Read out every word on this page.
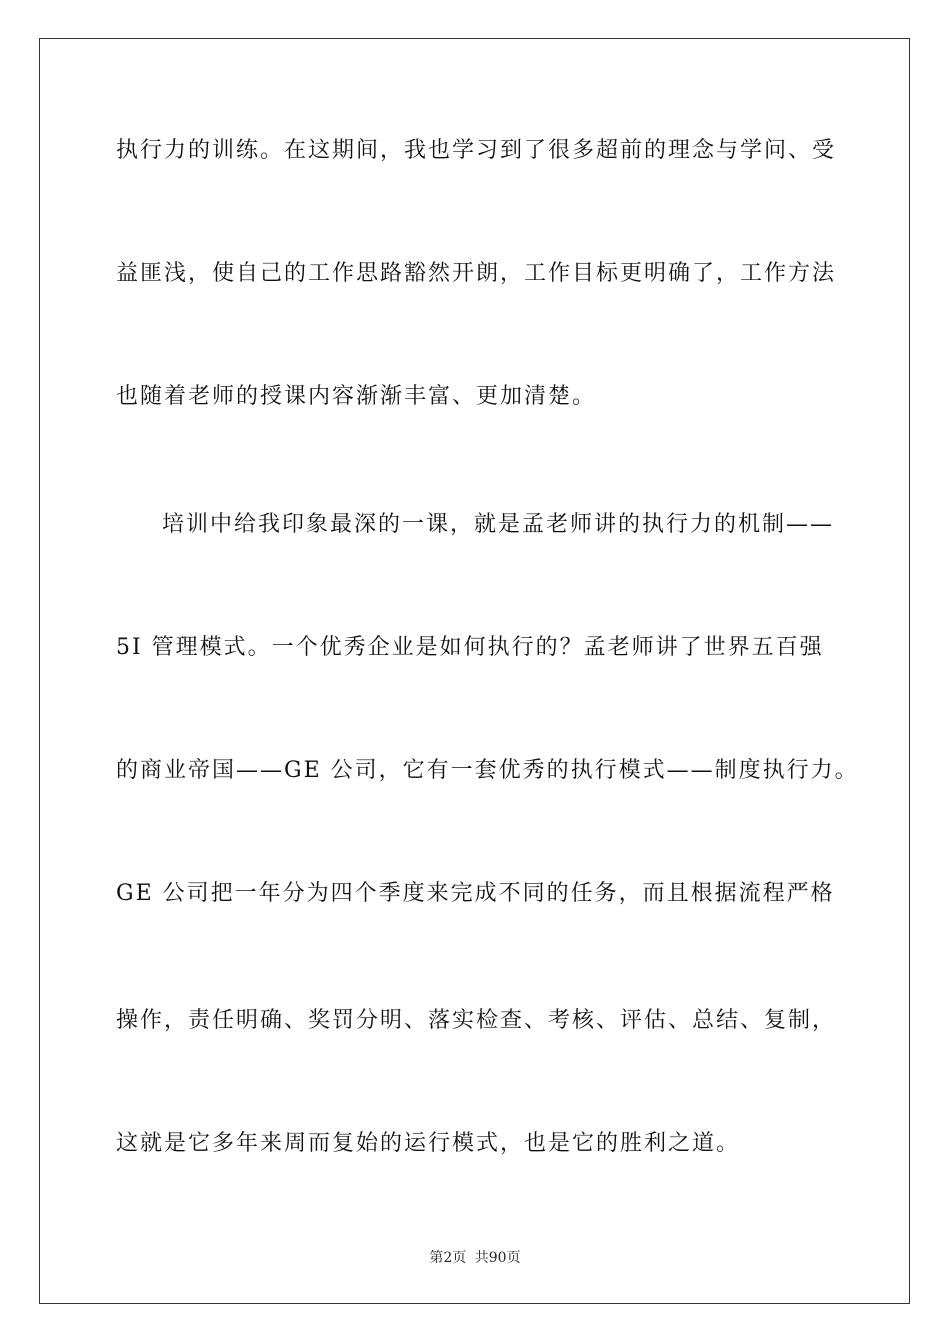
执行力的训练。在这期间，我也学习到了很多超前的理念与学问、受
益匪浅，使自己的工作思路豁然开朗，工作目标更明确了，工作方法
也随着老师的授课内容渐渐丰富、更加清楚。
培训中给我印象最深的一课，就是孟老师讲的执行力的机制——
5I 管理模式。一个优秀企业是如何执行的？孟老师讲了世界五百强
的商业帝国——GE 公司，它有一套优秀的执行模式——制度执行力。
GE 公司把一年分为四个季度来完成不同的任务，而且根据流程严格
操作，责任明确、奖罚分明、落实检查、考核、评估、总结、复制，
这就是它多年来周而复始的运行模式，也是它的胜利之道。
第2页 共90页
